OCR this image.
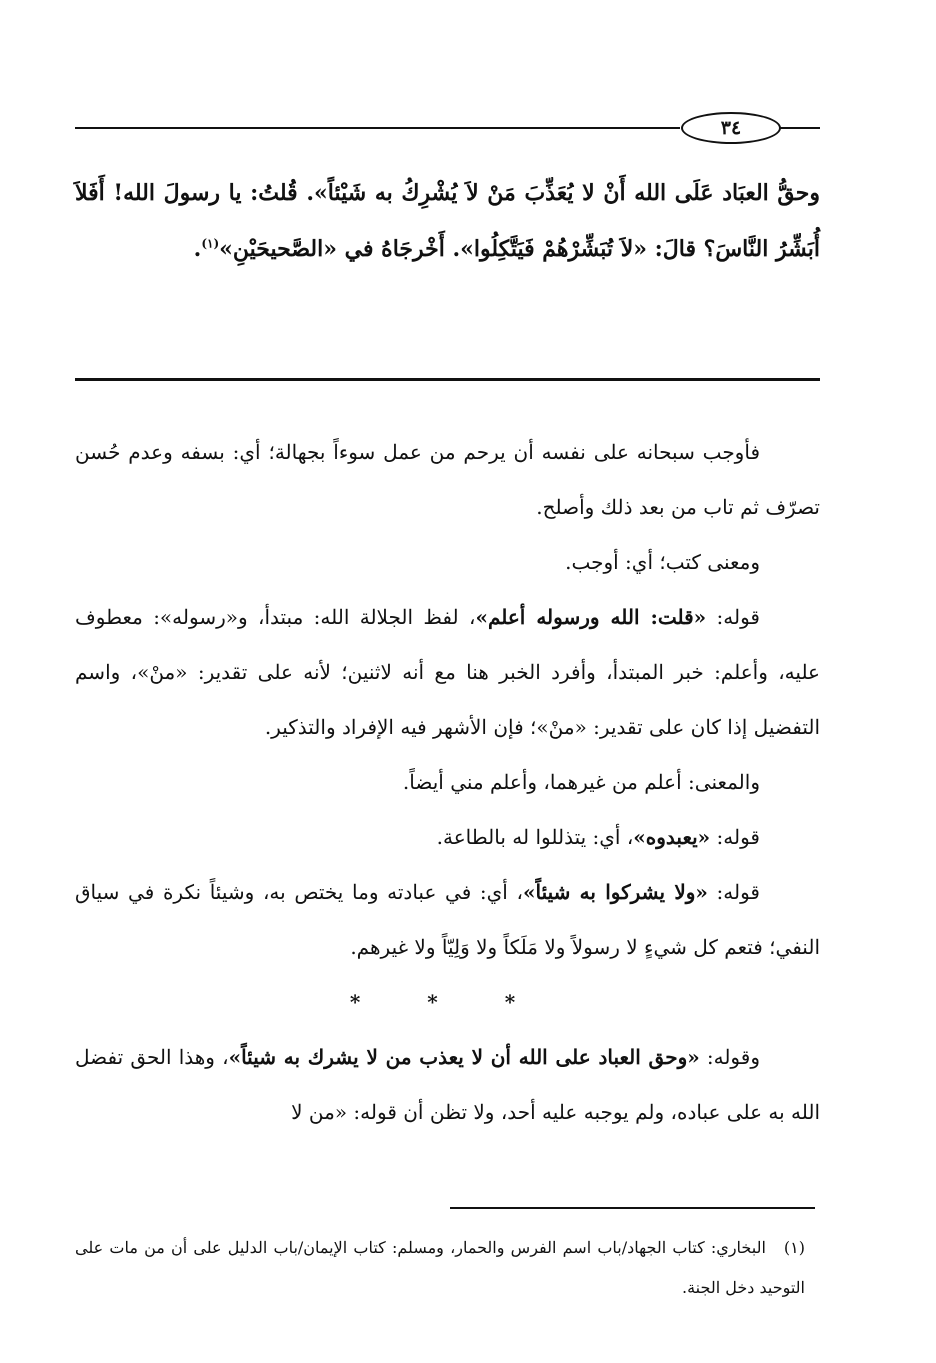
٣٤
وحقُّ العبَاد عَلَى الله أَنْ لا يُعَذِّبَ مَنْ لاَ يُشْرِكُ به شَيْئاً». قُلتُ: يا رسولَ الله! أَفَلاَ أُبَشِّرُ النَّاسَ؟ قالَ: «لاَ تُبَشِّرْهُمْ فَيَتَّكِلُوا». أَخْرجَاهُ في «الصَّحيحَيْنِ»$^{(١)}$.

فأوجب سبحانه على نفسه أن يرحم من عمل سوءاً بجهالة؛ أي: بسفه وعدم حُسن تصرّف ثم تاب من بعد ذلك وأصلح.

ومعنى كتب؛ أي: أوجب.

قوله: «قلت: الله ورسوله أعلم»، لفظ الجلالة الله: مبتدأ، و«رسوله»: معطوف عليه، وأعلم: خبر المبتدأ، وأفرد الخبر هنا مع أنه لاثنين؛ لأنه على تقدير: «منْ»، واسم التفضيل إذا كان على تقدير: «منْ»؛ فإن الأشهر فيه الإفراد والتذكير.

والمعنى: أعلم من غيرهما، وأعلم مني أيضاً.

قوله: «يعبدوه»، أي: يتذللوا له بالطاعة.

قوله: «ولا يشركوا به شيئاً»، أي: في عبادته وما يختص به، وشيئاً نكرة في سياق النفي؛ فتعم كل شيءٍ لا رسولاً ولا مَلَكاً ولا وَلِيّاً ولا غيرهم.

* * *

وقوله: «وحق العباد على الله أن لا يعذب من لا يشرك به شيئاً»، وهذا الحق تفضل الله به على عباده، ولم يوجبه عليه أحد، ولا تظن أن قوله: «من لا

(١)البخاري: كتاب الجهاد/باب اسم الفرس والحمار، ومسلم: كتاب الإيمان/باب الدليل على أن من مات على التوحيد دخل الجنة.
